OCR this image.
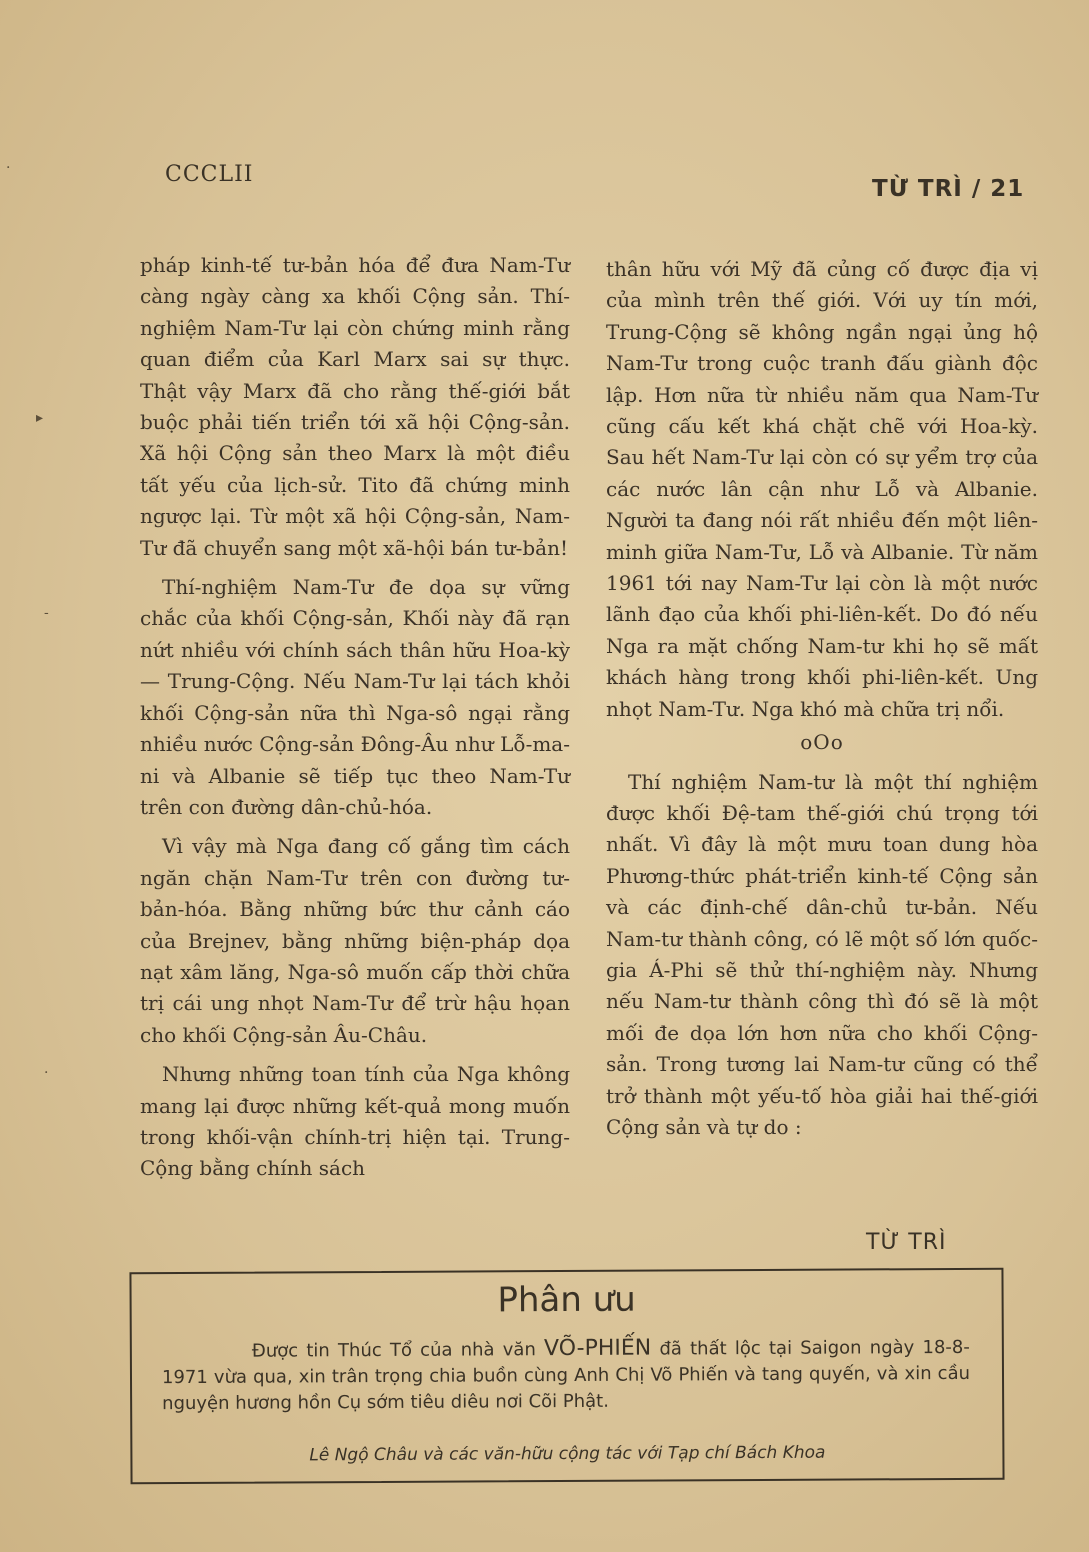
CCCLII
TỪ TRÌ / 21

pháp kinh-tế tư-bản hóa để đưa Nam-Tư càng ngày càng xa khối Cộng sản. Thí-nghiệm Nam-Tư lại còn chứng minh rằng quan điểm của Karl Marx sai sự thực. Thật vậy Marx đã cho rằng thế-giới bắt buộc phải tiến triển tới xã hội Cộng-sản. Xã hội Cộng sản theo Marx là một điều tất yếu của lịch-sử. Tito đã chứng minh ngược lại. Từ một xã hội Cộng-sản, Nam-Tư đã chuyển sang một xã-hội bán tư-bản!

Thí-nghiệm Nam-Tư đe dọa sự vững chắc của khối Cộng-sản, Khối này đã rạn nứt nhiều với chính sách thân hữu Hoa-kỳ — Trung-Cộng. Nếu Nam-Tư lại tách khỏi khối Cộng-sản nữa thì Nga-sô ngại rằng nhiều nước Cộng-sản Đông-Âu như Lỗ-ma-ni và Albanie sẽ tiếp tục theo Nam-Tư trên con đường dân-chủ-hóa.

Vì vậy mà Nga đang cố gắng tìm cách ngăn chặn Nam-Tư trên con đường tư-bản-hóa. Bằng những bức thư cảnh cáo của Brejnev, bằng những biện-pháp dọa nạt xâm lăng, Nga-sô muốn cấp thời chữa trị cái ung nhọt Nam-Tư để trừ hậu họan cho khối Cộng-sản Âu-Châu.

Nhưng những toan tính của Nga không mang lại được những kết-quả mong muốn trong khối-vận chính-trị hiện tại. Trung-Cộng bằng chính sách

thân hữu với Mỹ đã củng cố được địa vị của mình trên thế giới. Với uy tín mới, Trung-Cộng sẽ không ngần ngại ủng hộ Nam-Tư trong cuộc tranh đấu giành độc lập. Hơn nữa từ nhiều năm qua Nam-Tư cũng cấu kết khá chặt chẽ với Hoa-kỳ. Sau hết Nam-Tư lại còn có sự yểm trợ của các nước lân cận như Lỗ và Albanie. Người ta đang nói rất nhiều đến một liên-minh giữa Nam-Tư, Lỗ và Albanie. Từ năm 1961 tới nay Nam-Tư lại còn là một nước lãnh đạo của khối phi-liên-kết. Do đó nếu Nga ra mặt chống Nam-tư khi họ sẽ mất khách hàng trong khối phi-liên-kết. Ung nhọt Nam-Tư. Nga khó mà chữa trị nổi.

oOo

Thí nghiệm Nam-tư là một thí nghiệm được khối Đệ-tam thế-giới chú trọng tới nhất. Vì đây là một mưu toan dung hòa Phương-thức phát-triển kinh-tế Cộng sản và các định-chế dân-chủ tư-bản. Nếu Nam-tư thành công, có lẽ một số lớn quốc-gia Á-Phi sẽ thử thí-nghiệm này. Nhưng nếu Nam-tư thành công thì đó sẽ là một mối đe dọa lớn hơn nữa cho khối Cộng-sản. Trong tương lai Nam-tư cũng có thể trở thành một yếu-tố hòa giải hai thế-giới Cộng sản và tự do :

TỪ TRÌ
Phân ưu
Được tin Thúc Tổ của nhà văn VÕ-PHIẾN đã thất lộc tại Saigon ngày 18-8-1971 vừa qua, xin trân trọng chia buồn cùng Anh Chị Võ Phiến và tang quyến, và xin cầu nguyện hương hồn Cụ sớm tiêu diêu nơi Cõi Phật.
Lê Ngộ Châu và các văn-hữu cộng tác với Tạp chí Bách Khoa
·
▸
-
·
